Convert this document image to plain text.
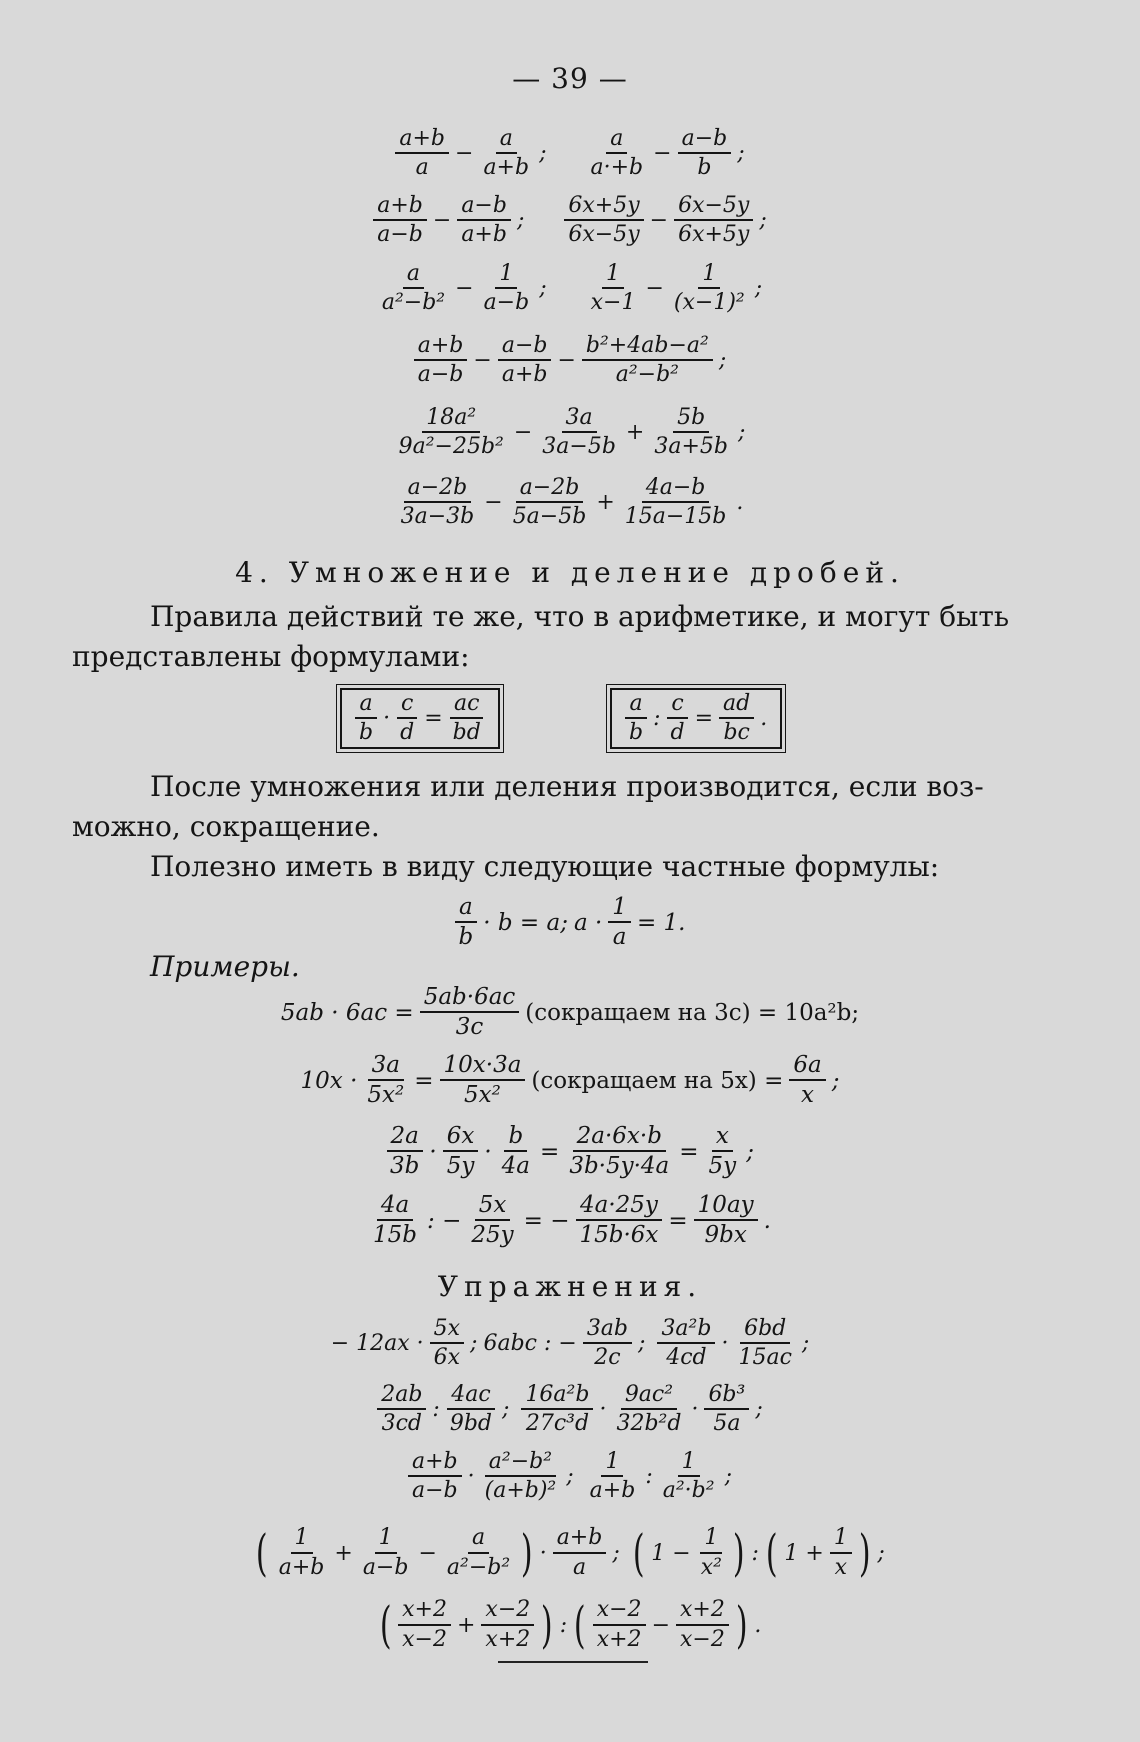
— 39 —
$\frac{a+b}{a} - \frac{a}{a+b}$ ; $\frac{a}{a\cdot+b} - \frac{a-b}{b}$ ;
$\frac{a+b}{a-b} - \frac{a-b}{a+b}$ ; $\frac{6x+5y}{6x-5y} - \frac{6x-5y}{6x+5y}$ ;
$\frac{a}{\text{a²−b²}} - \frac{1}{a-b}$ ; $\frac{1}{x-1} - \frac{1}{\text{(x−1)²}}$ ;
$\frac{a+b}{a-b} - \frac{a-b}{a+b} - \frac{\text{b²+4ab−a²}}{\text{a²−b²}}$ ;
$\frac{\text{18a²}}{\text{9a²−25b²}} - \frac{3a}{3a-5b} + \frac{5b}{3a+5b}$ ;
$\frac{a-2b}{3a-3b} - \frac{a-2b}{5a-5b} + \frac{4a-b}{15a-15b}$ .
4. Умножение и деление дробей.
Правила действий те же, что в арифметике, и могут быть
представлены формулами:
$\frac{a}{b} \cdot \frac{c}{d} = \frac{ac}{bd}$	$\frac{a}{b}$ : $\frac{c}{d} = \frac{ad}{bc}$ .
После умножения или деления производится, если воз-
можно, сокращение.
Полезно иметь в виду следующие частные формулы:
$\frac{a}{b} \cdot b$ = a;a · $\frac{1}{a} = 1$.
Примеры.
$5ab \cdot 6ac = \frac{5ab\cdot 6ac}{3c}$ (сокращаем на 3c) = 10a²b;
$10x \cdot \frac{3a}{\text{5x²}} = \frac{10x\cdot 3a}{\text{5x²}}$ (сокращаем на $5x) = \frac{6a}{x}$ ;
$\frac{2a}{3b} \cdot \frac{6x}{5y} \cdot \frac{b}{4a} = \frac{2a\cdot 6x\cdot b}{3b\cdot 5y\cdot 4a} = \frac{x}{5y}$ ;
$\frac{4a}{15b}$ : − $\frac{5x}{25y}$ = − $\frac{4a\cdot 25y}{15b\cdot 6x} = \frac{10ay}{9bx}$ .
Упражнения.
− $12ax \cdot \frac{5x}{6x}$ ;6abc : − $\frac{3ab}{2c}$ ; $\frac{\text{3a²b}}{4cd} \cdot \frac{6bd}{15ac}$ ;
$\frac{2ab}{3cd}$ : $\frac{4ac}{9bd}$ ; $\frac{\text{16a²b}}{\text{27c³d}} \cdot \frac{\text{9ac²}}{\text{32b²d}} \cdot \frac{\text{6b³}}{5a}$ ;
$\frac{a+b}{a-b} \cdot \frac{\text{a²−b²}}{\text{(a+b)²}}$ ; $\frac{1}{a+b}$ : $\frac{1}{\text{a²·b²}}$ ;
( $\frac{1}{a+b} + \frac{1}{a-b} - \frac{a}{\text{a²−b²}}$ ) · $\frac{a+b}{a}$ ; ( $1 - \frac{1}{\text{x²}}$ ) : ( $1 + \frac{1}{x}$ ) ;
( $\frac{x+2}{x-2} + \frac{x-2}{x+2}$ ) : ( $\frac{x-2}{x+2} - \frac{x+2}{x-2}$ ) .
